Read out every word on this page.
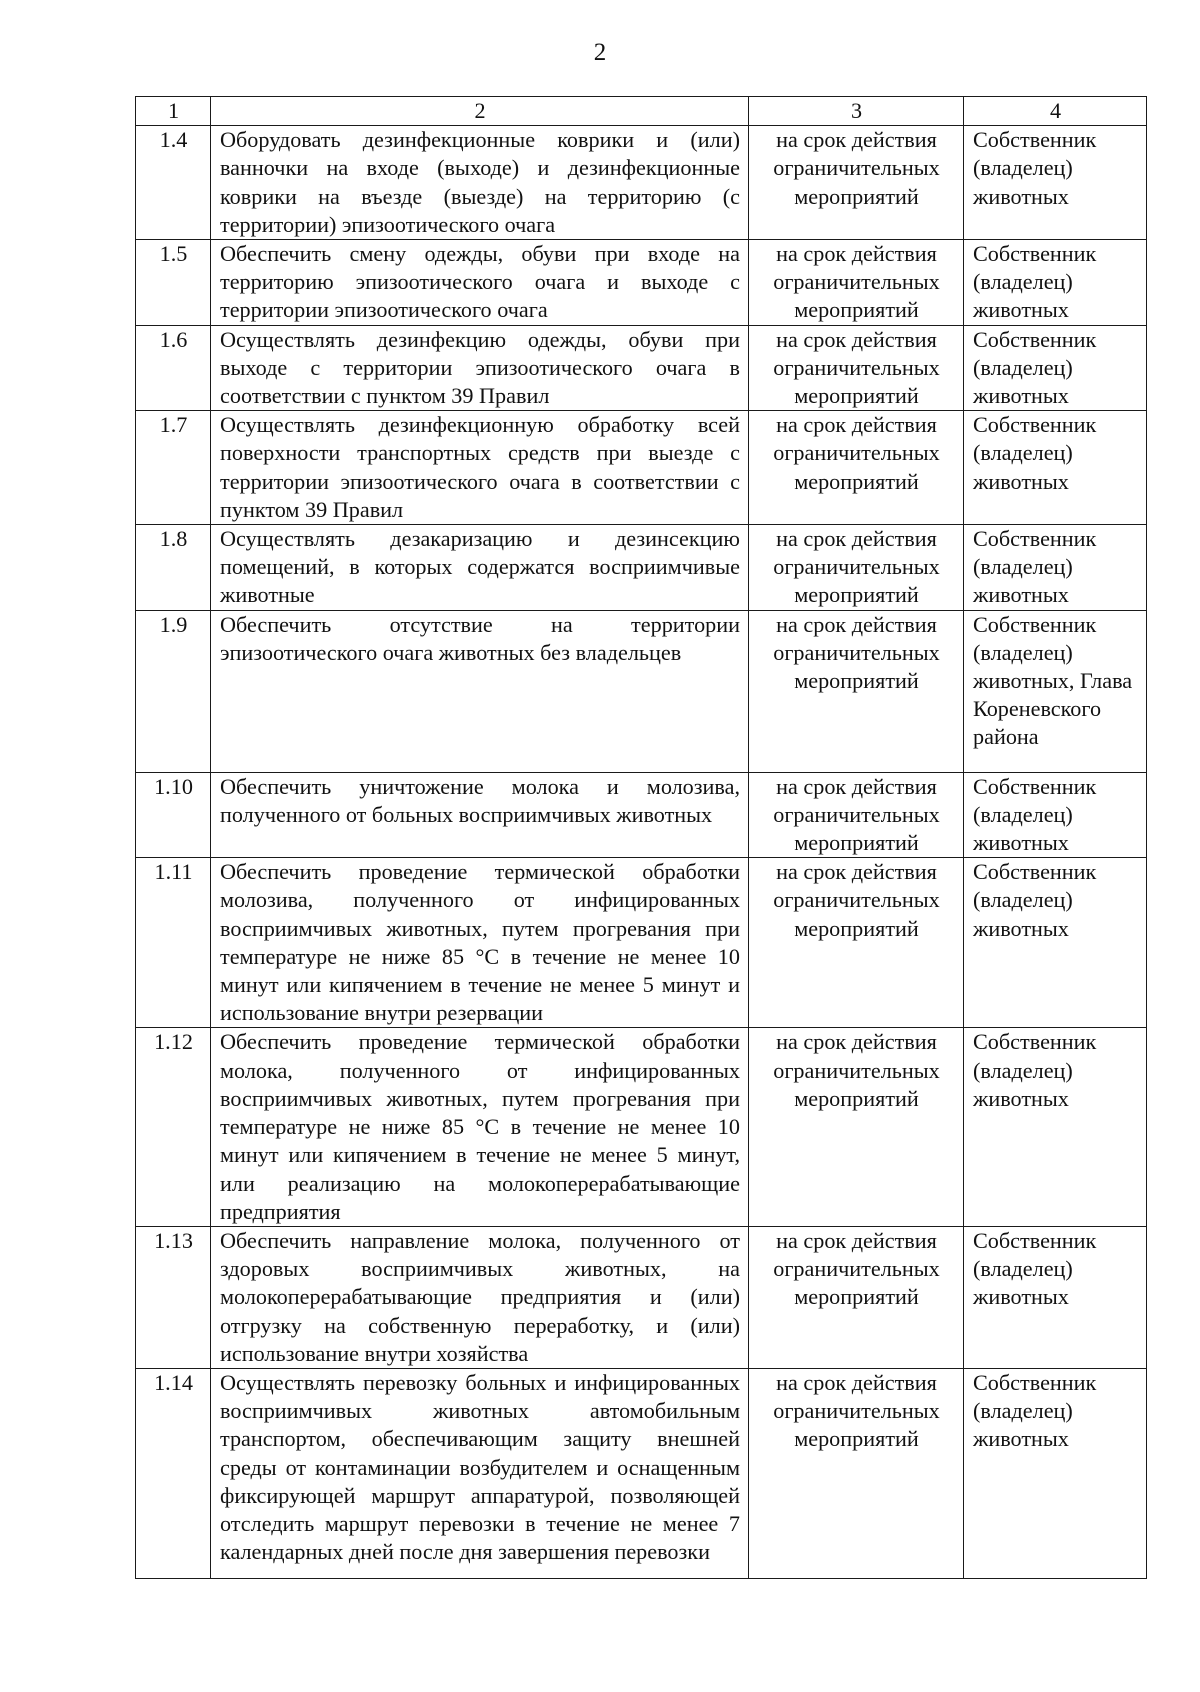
2
1	2	3	4
1.4	Оборудовать дезинфекционные коврики и (или) ванночки на входе (выходе) и дезинфекционные коврики на въезде (выезде) на территорию (с территории) эпизоотического очага	на срок действия ограничительных мероприятий	Собственник (владелец) животных
1.5	Обеспечить смену одежды, обуви при входе на территорию эпизоотического очага и выходе с территории эпизоотического очага	на срок действия ограничительных мероприятий	Собственник (владелец) животных
1.6	Осуществлять дезинфекцию одежды, обуви при выходе с территории эпизоотического очага в соответствии с пунктом 39 Правил	на срок действия ограничительных мероприятий	Собственник (владелец) животных
1.7	Осуществлять дезинфекционную обработку всей поверхности транспортных средств при выезде с территории эпизоотического очага в соответствии с пунктом 39 Правил	на срок действия ограничительных мероприятий	Собственник (владелец) животных
1.8	Осуществлять дезакаризацию и дезинсекцию помещений, в которых содержатся восприимчивые животные	на срок действия ограничительных мероприятий	Собственник (владелец) животных
1.9	Обеспечить отсутствие на территории эпизоотического очага животных без владельцев	на срок действия ограничительных мероприятий	Собственник (владелец) животных, Глава Кореневского района
1.10	Обеспечить уничтожение молока и молозива, полученного от больных восприимчивых животных	на срок действия ограничительных мероприятий	Собственник (владелец) животных
1.11	Обеспечить проведение термической обработки молозива, полученного от инфицированных восприимчивых животных, путем прогревания при температуре не ниже 85 °С в течение не менее 10 минут или кипячением в течение не менее 5 минут и использование внутри резервации	на срок действия ограничительных мероприятий	Собственник (владелец) животных
1.12	Обеспечить проведение термической обработки молока, полученного от инфицированных восприимчивых животных, путем прогревания при температуре не ниже 85 °С в течение не менее 10 минут или кипячением в течение не менее 5 минут, или реализацию на молокоперерабатывающие предприятия	на срок действия ограничительных мероприятий	Собственник (владелец) животных
1.13	Обеспечить направление молока, полученного от здоровых восприимчивых животных, на молокоперерабатывающие предприятия и (или) отгрузку на собственную переработку, и (или) использование внутри хозяйства	на срок действия ограничительных мероприятий	Собственник (владелец) животных
1.14	Осуществлять перевозку больных и инфицированных восприимчивых животных автомобильным транспортом, обеспечивающим защиту внешней среды от контаминации возбудителем и оснащенным фиксирующей маршрут аппаратурой, позволяющей отследить маршрут перевозки в течение не менее 7 календарных дней после дня завершения перевозки	на срок действия ограничительных мероприятий	Собственник (владелец) животных
